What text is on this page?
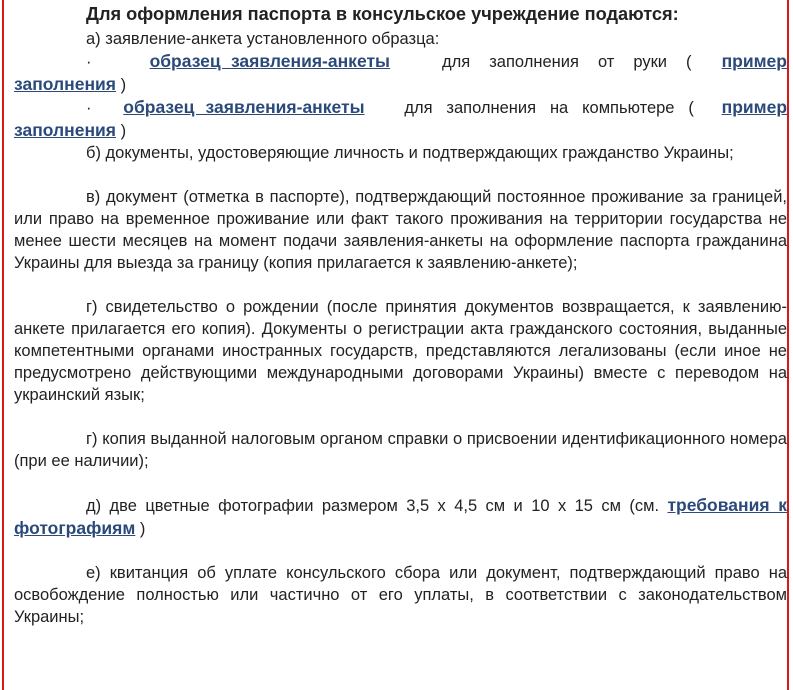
Для оформления паспорта в консульское учреждение подаются:

а) заявление-анкета установленного образца:

·	образец заявления-анкеты	для заполнения от руки ( пример заполнения )

· образец заявления-анкеты для заполнения на компьютере ( пример заполнения )

б) документы, удостоверяющие личность и подтверждающих гражданство Украины;

в) документ (отметка в паспорте), подтверждающий постоянное проживание за границей, или право на временное проживание или факт такого проживания на территории государства не менее шести месяцев на момент подачи заявления-анкеты на оформление паспорта гражданина Украины для выезда за границу (копия прилагается к заявлению-анкете);

г) свидетельство о рождении (после принятия документов возвращается, к заявлению-анкете прилагается его копия). Документы о регистрации акта гражданского состояния, выданные компетентными органами иностранных государств, представляются легализованы (если иное не предусмотрено действующими международными договорами Украины) вместе с переводом на украинский язык;

г) копия выданной налоговым органом справки о присвоении идентификационного номера (при ее наличии);

д) две цветные фотографии размером 3,5 х 4,5 см и 10 х 15 см (см. требования к фотографиям )

е) квитанция об уплате консульского сбора или документ, подтверждающий право на освобождение полностью или частично от его уплаты, в соответствии с законодательством Украины;
